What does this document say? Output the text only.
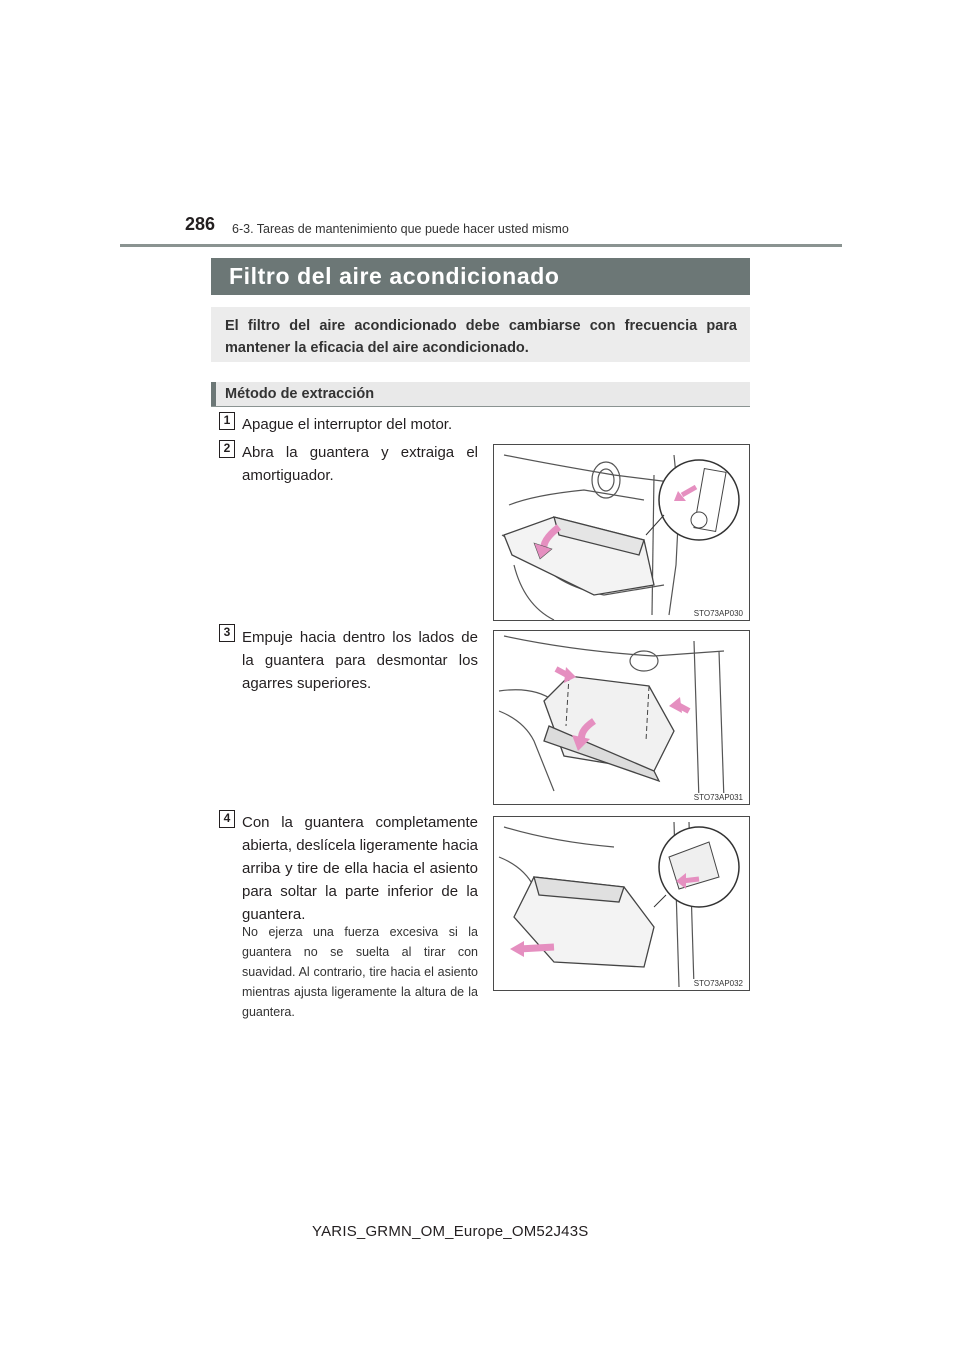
286 6-3. Tareas de mantenimiento que puede hacer usted mismo
Filtro del aire acondicionado
El filtro del aire acondicionado debe cambiarse con frecuencia para mantener la eficacia del aire acondicionado.
Método de extracción
1 Apague el interruptor del motor.
2 Abra la guantera y extraiga el amortiguador.
STO73AP030
3 Empuje hacia dentro los lados de la guantera para desmontar los agarres superiores.
STO73AP031
4 Con la guantera completamente abierta, deslícela ligeramente hacia arriba y tire de ella hacia el asiento para soltar la parte inferior de la guantera.
No ejerza una fuerza excesiva si la guantera no se suelta al tirar con suavidad. Al contrario, tire hacia el asiento mientras ajusta ligeramente la altura de la guantera.
STO73AP032
YARIS_GRMN_OM_Europe_OM52J43S
